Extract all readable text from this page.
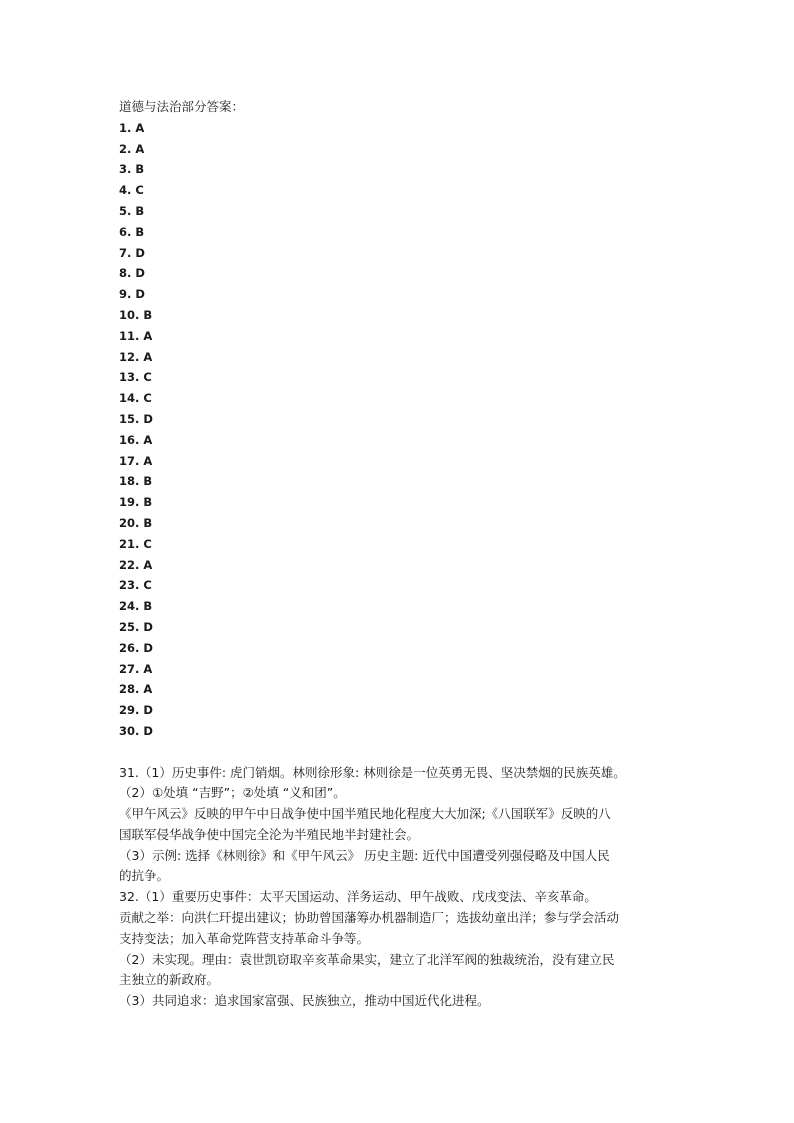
道德与法治部分答案：
1. A
2. A
3. B
4. C
5. B
6. B
7. D
8. D
9. D
10. B
11. A
12. A
13. C
14. C
15. D
16. A
17. A
18. B
19. B
20. B
21. C
22. A
23. C
24. B
25. D
26. D
27. A
28. A
29. D
30. D
31.（1）历史事件: 虎门销烟。林则徐形象: 林则徐是一位英勇无畏、坚决禁烟的民族英雄。
（2）①处填 “吉野”；②处填 “义和团”。
《甲午风云》反映的甲午中日战争使中国半殖民地化程度大大加深;《八国联军》反映的八
国联军侵华战争使中国完全沦为半殖民地半封建社会。
（3）示例: 选择《林则徐》和《甲午风云》 历史主题: 近代中国遭受列强侵略及中国人民
的抗争。
32.（1）重要历史事件：太平天国运动、洋务运动、甲午战败、戊戌变法、辛亥革命。
贡献之举：向洪仁玕提出建议；协助曾国藩筹办机器制造厂；选拔幼童出洋；参与学会活动
支持变法；加入革命党阵营支持革命斗争等。
（2）未实现。理由：袁世凯窃取辛亥革命果实，建立了北洋军阀的独裁统治，没有建立民
主独立的新政府。
（3）共同追求：追求国家富强、民族独立，推动中国近代化进程。
